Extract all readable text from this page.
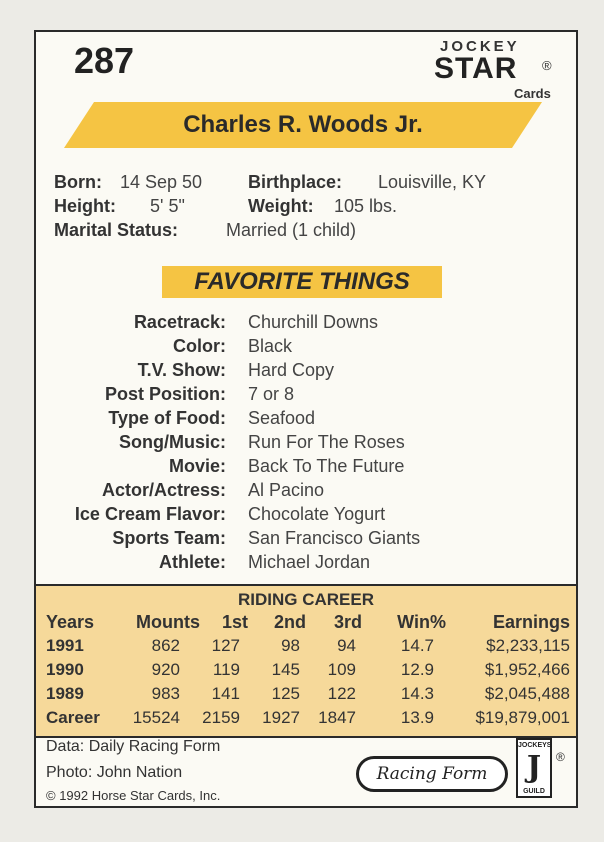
287	JOCKEY
STAR ®
Cards
Charles R. Woods Jr.
Born: 14 Sep 50	Birthplace: Louisville, KY
Height: 5' 5"	Weight: 105 lbs.
Marital Status:	Married (1 child)
FAVORITE THINGS
Racetrack: Churchill Downs
Color: Black
T.V. Show: Hard Copy
Post Position: 7 or 8
Type of Food: Seafood
Song/Music: Run For The Roses
Movie: Back To The Future
Actor/Actress: Al Pacino
Ice Cream Flavor: Chocolate Yogurt
Sports Team: San Francisco Giants
Athlete: Michael Jordan
RIDING CAREER
Years Mounts 1st 2nd 3rd Win%	Earnings
1991	862 127 98 94	14.7	$2,233,115
1990	920 119 145 109	12.9	$1,952,466
1989	983 141 125 122	14.3	$2,045,488
Career 15524 2159 1927 1847	13.9 $19,879,001
Data: Daily Racing Form
Photo: John Nation
© 1992 Horse Star Cards, Inc.
Racing Form
JOCKEYS
J
GUILD
®
